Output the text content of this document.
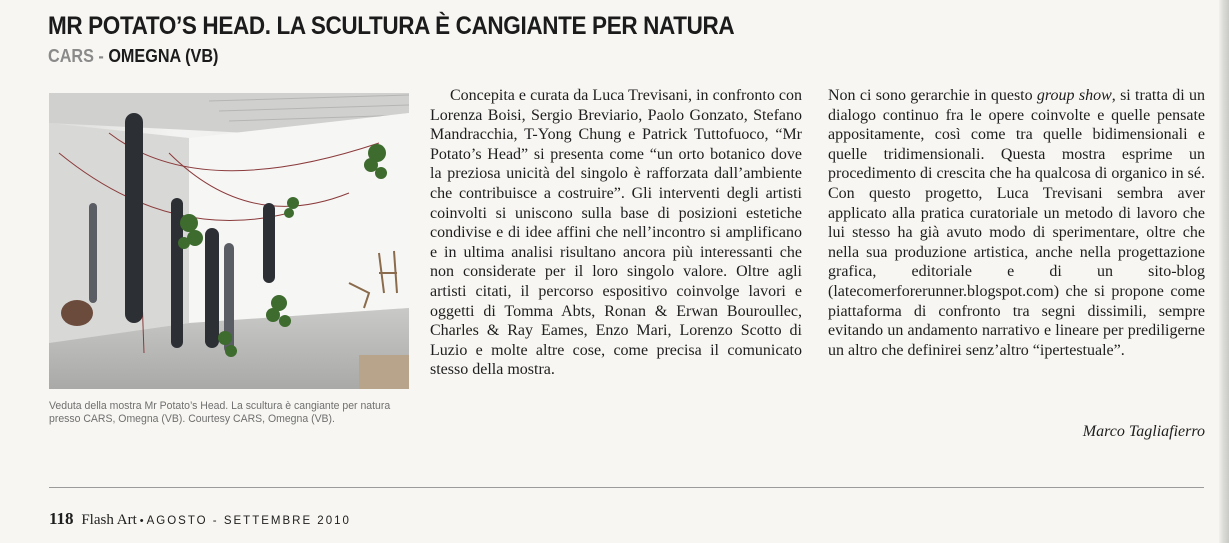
MR POTATO’S HEAD. LA SCULTURA È CANGIANTE PER NATURA
CARS - OMEGNA (VB)
Veduta della mostra Mr Potato’s Head. La scultura è cangiante per natura presso CARS, Omegna (VB). Courtesy CARS, Omegna (VB).

Concepita e curata da Luca Trevisani, in confronto con Lorenza Boisi, Sergio Breviario, Paolo Gonzato, Stefano Mandracchia, T-Yong Chung e Patrick Tuttofuoco, “Mr Potato’s Head” si presenta come “un orto botanico dove la preziosa unicità del singolo è rafforzata dall’ambiente che contribuisce a costruire”. Gli interventi degli artisti coinvolti si uniscono sulla base di posizioni estetiche condivise e di idee affini che nell’incontro si amplificano e in ultima analisi risultano ancora più interessanti che non considerate per il loro singolo valore. Oltre agli artisti citati, il percorso espositivo coinvolge lavori e oggetti di Tomma Abts, Ronan & Erwan Bouroullec, Charles & Ray Eames, Enzo Mari, Lorenzo Scotto di Luzio e molte altre cose, come precisa il comunicato stesso della mostra.

Non ci sono gerarchie in questo group show, si tratta di un dialogo continuo fra le opere coinvolte e quelle pensate appositamente, così come tra quelle bidimensionali e quelle tridimensionali. Questa mostra esprime un procedimento di crescita che ha qualcosa di organico in sé. Con questo progetto, Luca Trevisani sembra aver applicato alla pratica curatoriale un metodo di lavoro che lui stesso ha già avuto modo di sperimentare, oltre che nella sua produzione artistica, anche nella progettazione grafica, editoriale e di un sito-blog (latecomerforerunner.blogspot.com) che si propone come piattaforma di confronto tra segni dissimili, sempre evitando un andamento narrativo e lineare per prediligerne un altro che definirei senz’altro “ipertestuale”.

Marco Tagliafierro
118 Flash Art • AGOSTO - SETTEMBRE 2010
